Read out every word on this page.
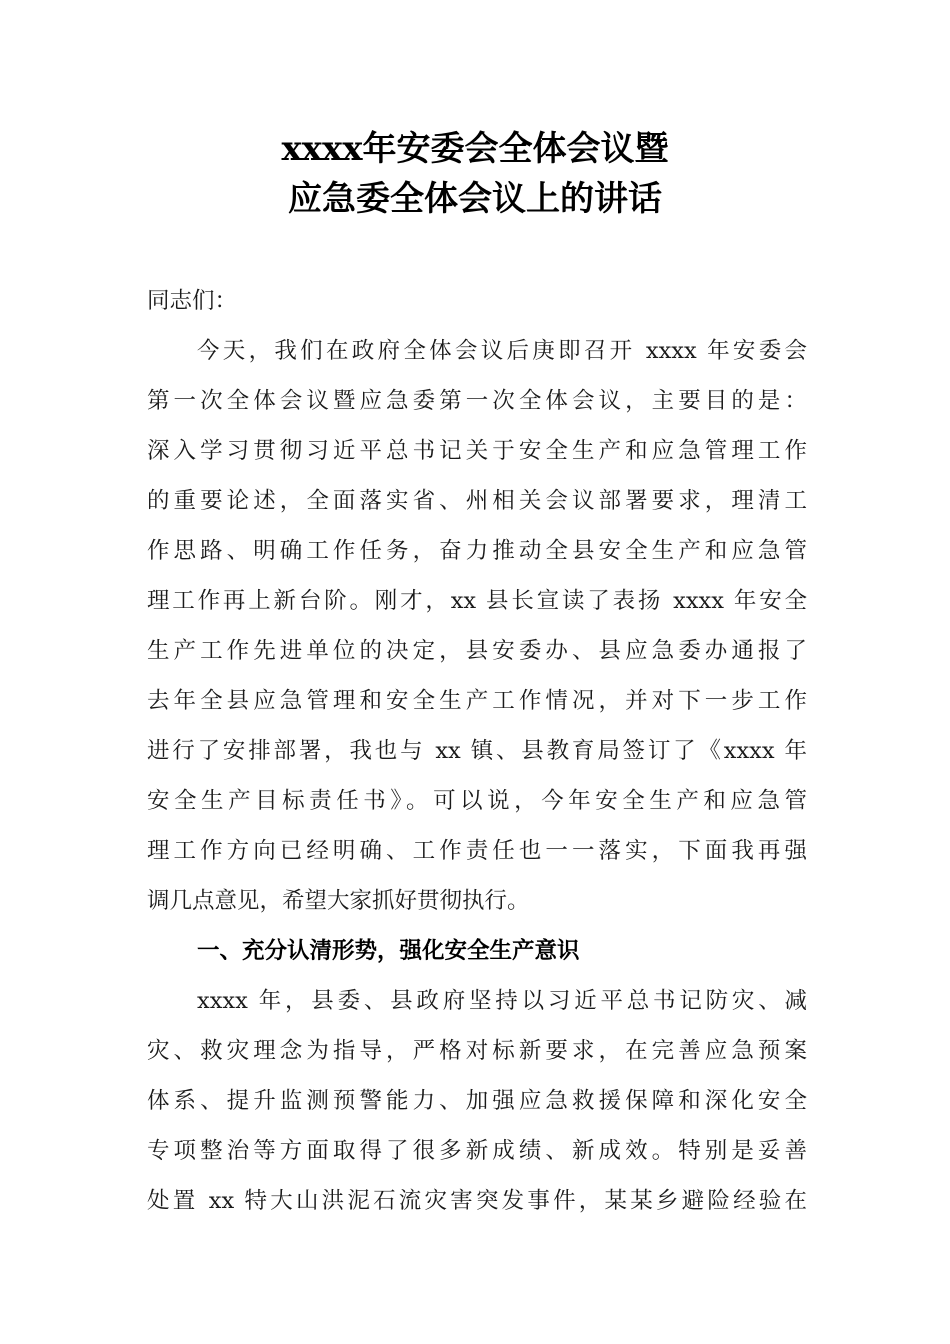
xxxx年安委会全体会议暨
应急委全体会议上的讲话
同志们：
今天，我们在政府全体会议后庚即召开 xxxx 年安委会
第一次全体会议暨应急委第一次全体会议，主要目的是：
深入学习贯彻习近平总书记关于安全生产和应急管理工作
的重要论述，全面落实省、州相关会议部署要求，理清工
作思路、明确工作任务，奋力推动全县安全生产和应急管
理工作再上新台阶。刚才，xx 县长宣读了表扬 xxxx 年安全
生产工作先进单位的决定，县安委办、县应急委办通报了
去年全县应急管理和安全生产工作情况，并对下一步工作
进行了安排部署，我也与 xx 镇、县教育局签订了《xxxx 年
安全生产目标责任书》。可以说，今年安全生产和应急管
理工作方向已经明确、工作责任也一一落实，下面我再强
调几点意见，希望大家抓好贯彻执行。
一、充分认清形势，强化安全生产意识
xxxx 年，县委、县政府坚持以习近平总书记防灾、减
灾、救灾理念为指导，严格对标新要求，在完善应急预案
体系、提升监测预警能力、加强应急救援保障和深化安全
专项整治等方面取得了很多新成绩、新成效。特别是妥善
处置 xx 特大山洪泥石流灾害突发事件，某某乡避险经验在
